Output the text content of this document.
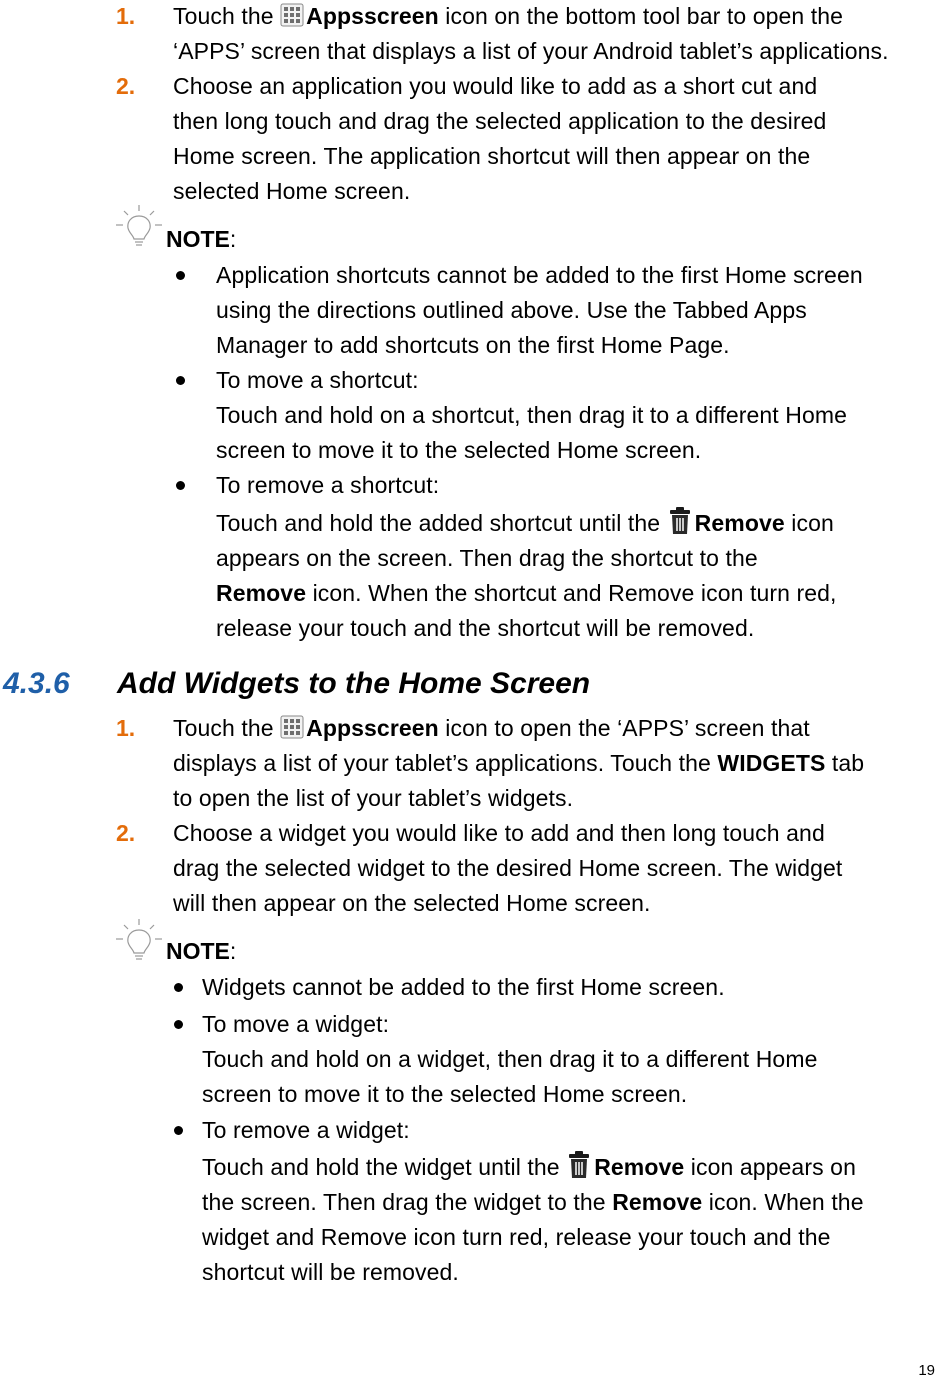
1. Touch the Appsscreen icon on the bottom tool bar to open the
‘APPS’ screen that displays a list of your Android tablet’s applications.
2. Choose an application you would like to add as a short cut and
then long touch and drag the selected application to the desired
Home screen. The application shortcut will then appear on the
selected Home screen.
NOTE:
Application shortcuts cannot be added to the first Home screen
using the directions outlined above. Use the Tabbed Apps
Manager to add shortcuts on the first Home Page.
To move a shortcut:
Touch and hold on a shortcut, then drag it to a different Home
screen to move it to the selected Home screen.
To remove a shortcut:
Touch and hold the added shortcut until the Remove icon
appears on the screen. Then drag the shortcut to the
Remove icon. When the shortcut and Remove icon turn red,
release your touch and the shortcut will be removed.
4.3.6 Add Widgets to the Home Screen
1. Touch the Appsscreen icon to open the ‘APPS’ screen that
displays a list of your tablet’s applications. Touch the WIDGETS tab
to open the list of your tablet’s widgets.
2. Choose a widget you would like to add and then long touch and
drag the selected widget to the desired Home screen. The widget
will then appear on the selected Home screen.
NOTE:
Widgets cannot be added to the first Home screen.
To move a widget:
Touch and hold on a widget, then drag it to a different Home
screen to move it to the selected Home screen.
To remove a widget:
Touch and hold the widget until the Remove icon appears on
the screen. Then drag the widget to the Remove icon. When the
widget and Remove icon turn red, release your touch and the
shortcut will be removed.
19
